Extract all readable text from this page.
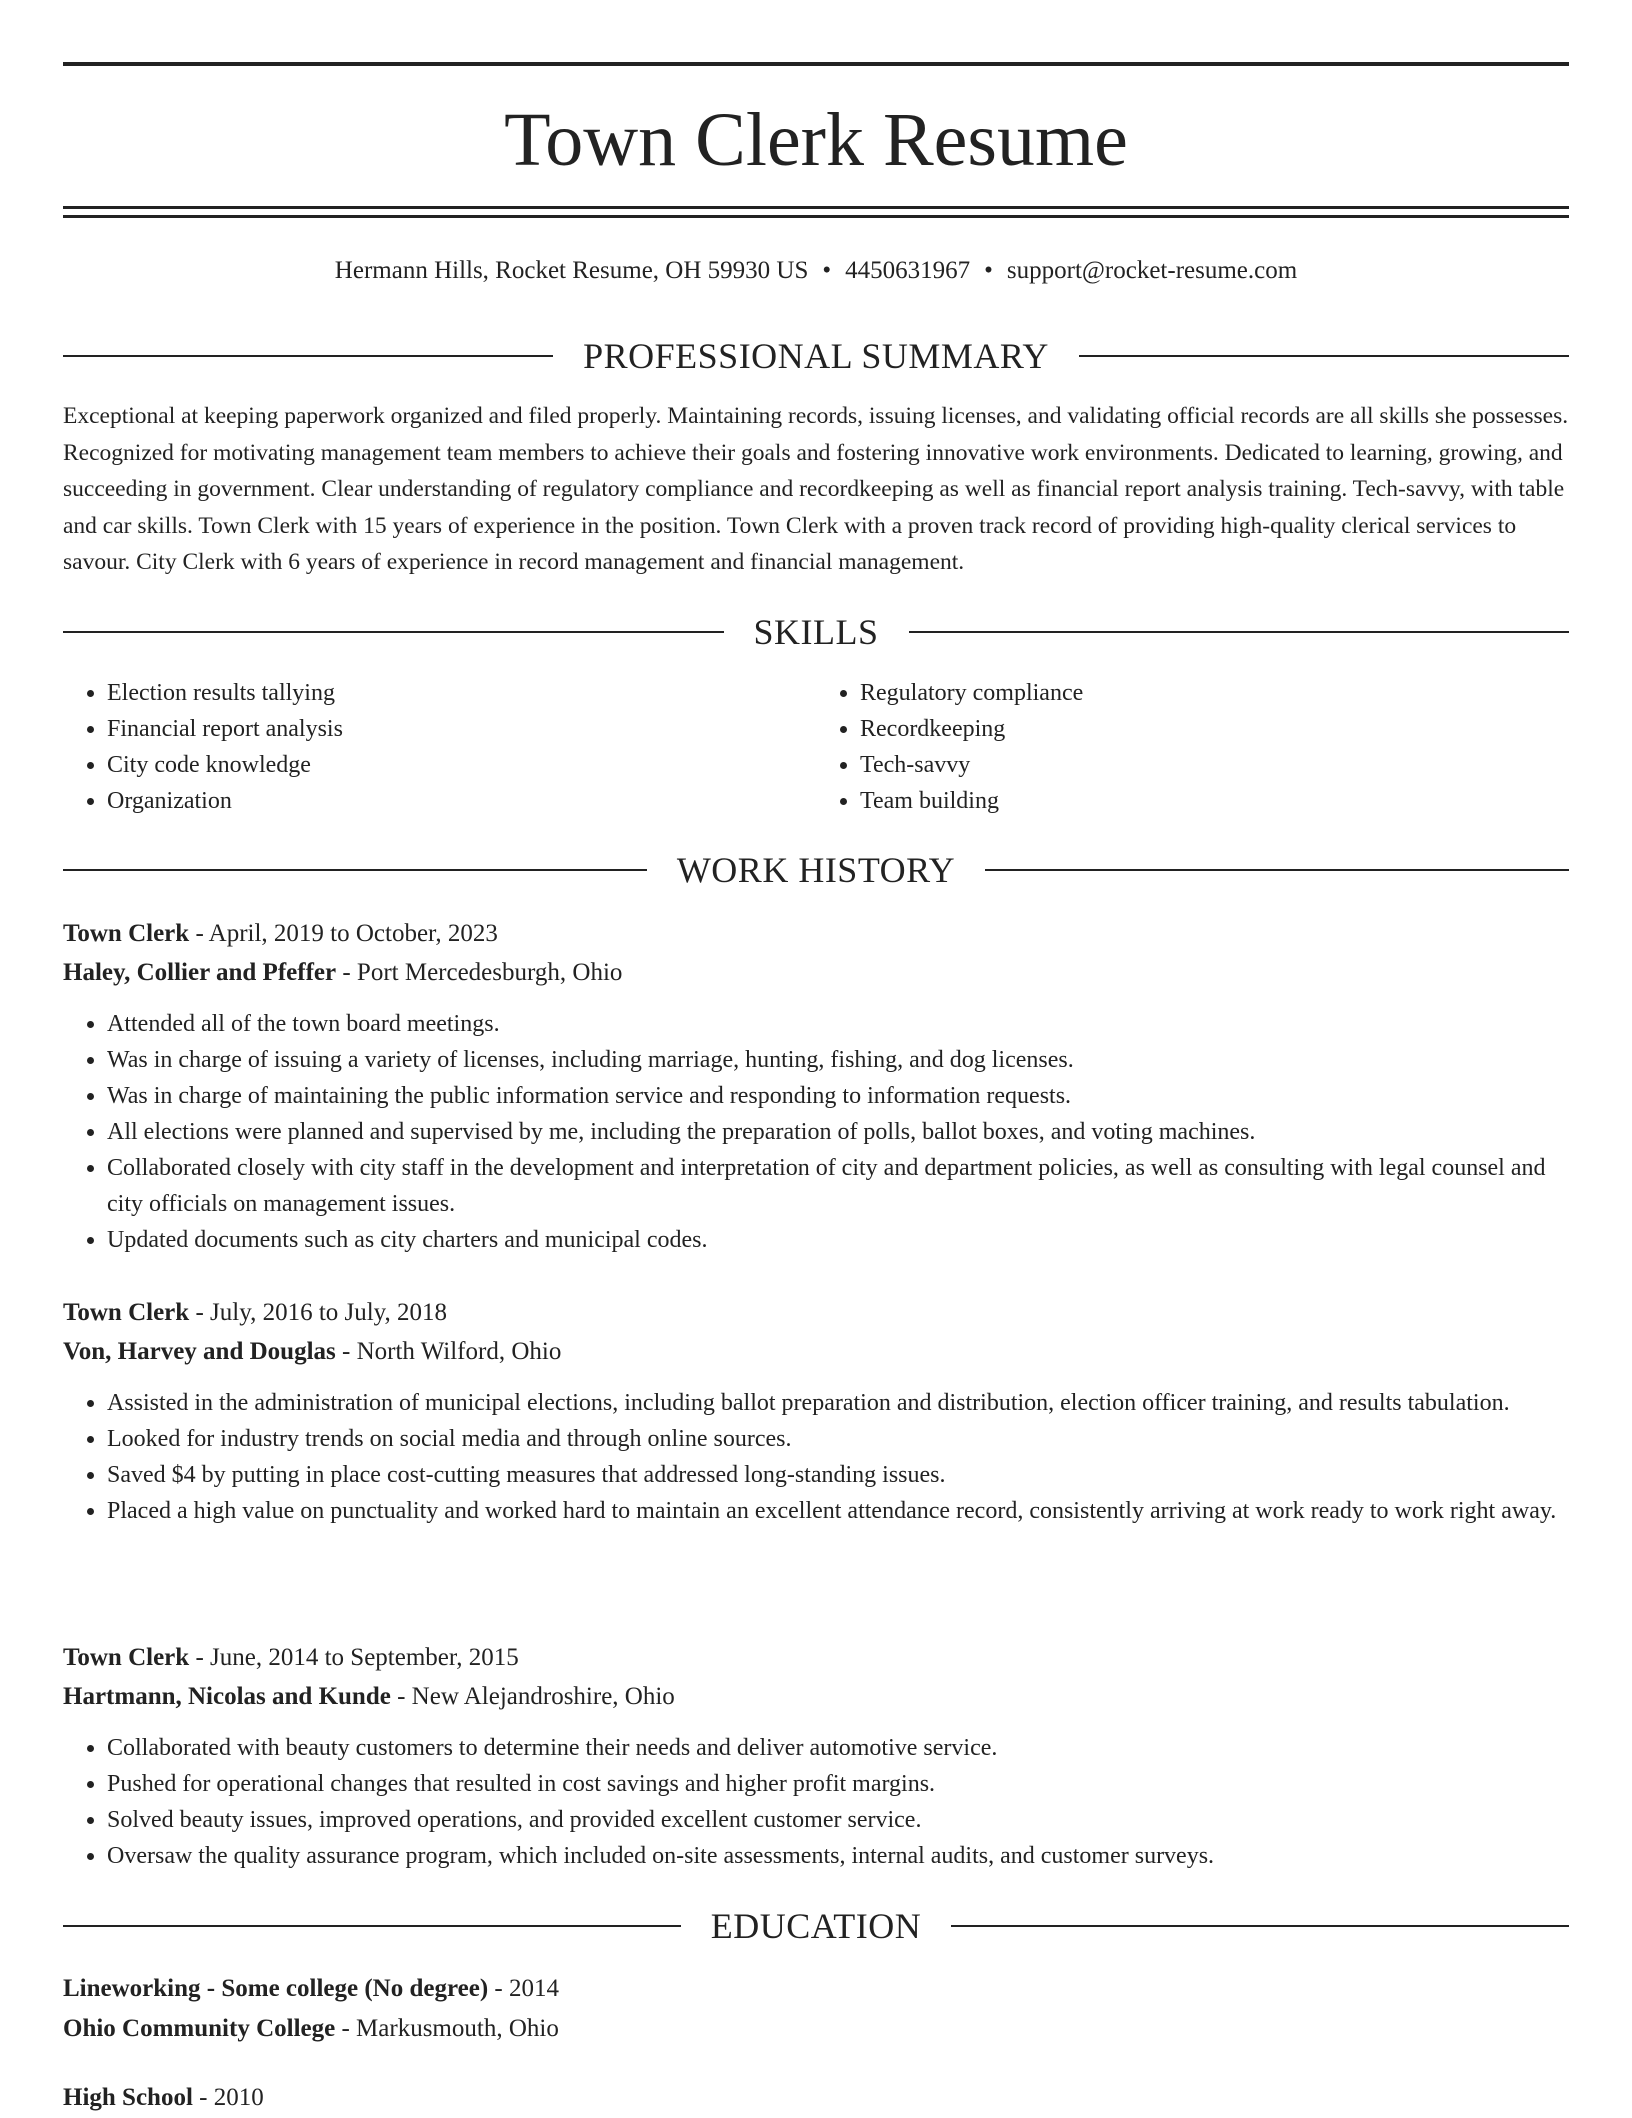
Town Clerk Resume
Hermann Hills, Rocket Resume, OH 59930 US • 4450631967 • support@rocket-resume.com
PROFESSIONAL SUMMARY

Exceptional at keeping paperwork organized and filed properly. Maintaining records, issuing licenses, and validating official records are all skills she possesses. Recognized for motivating management team members to achieve their goals and fostering innovative work environments. Dedicated to learning, growing, and succeeding in government. Clear understanding of regulatory compliance and recordkeeping as well as financial report analysis training. Tech-savvy, with table and car skills. Town Clerk with 15 years of experience in the position. Town Clerk with a proven track record of providing high-quality clerical services to savour. City Clerk with 6 years of experience in record management and financial management.

SKILLS
• Election results tallying
• Financial report analysis
• City code knowledge
• Organization
• Regulatory compliance
• Recordkeeping
• Tech-savvy
• Team building
WORK HISTORY
Town Clerk - April, 2019 to October, 2023
Haley, Collier and Pfeffer - Port Mercedesburgh, Ohio
• Attended all of the town board meetings.
• Was in charge of issuing a variety of licenses, including marriage, hunting, fishing, and dog licenses.
• Was in charge of maintaining the public information service and responding to information requests.
• All elections were planned and supervised by me, including the preparation of polls, ballot boxes, and voting machines.
• Collaborated closely with city staff in the development and interpretation of city and department policies, as well as consulting with legal counsel and city officials on management issues.
• Updated documents such as city charters and municipal codes.
Town Clerk - July, 2016 to July, 2018
Von, Harvey and Douglas - North Wilford, Ohio
• Assisted in the administration of municipal elections, including ballot preparation and distribution, election officer training, and results tabulation.
• Looked for industry trends on social media and through online sources.
• Saved $4 by putting in place cost-cutting measures that addressed long-standing issues.
• Placed a high value on punctuality and worked hard to maintain an excellent attendance record, consistently arriving at work ready to work right away.
Town Clerk - June, 2014 to September, 2015
Hartmann, Nicolas and Kunde - New Alejandroshire, Ohio
• Collaborated with beauty customers to determine their needs and deliver automotive service.
• Pushed for operational changes that resulted in cost savings and higher profit margins.
• Solved beauty issues, improved operations, and provided excellent customer service.
• Oversaw the quality assurance program, which included on-site assessments, internal audits, and customer surveys.
EDUCATION
Lineworking - Some college (No degree) - 2014
Ohio Community College - Markusmouth, Ohio
High School - 2010
